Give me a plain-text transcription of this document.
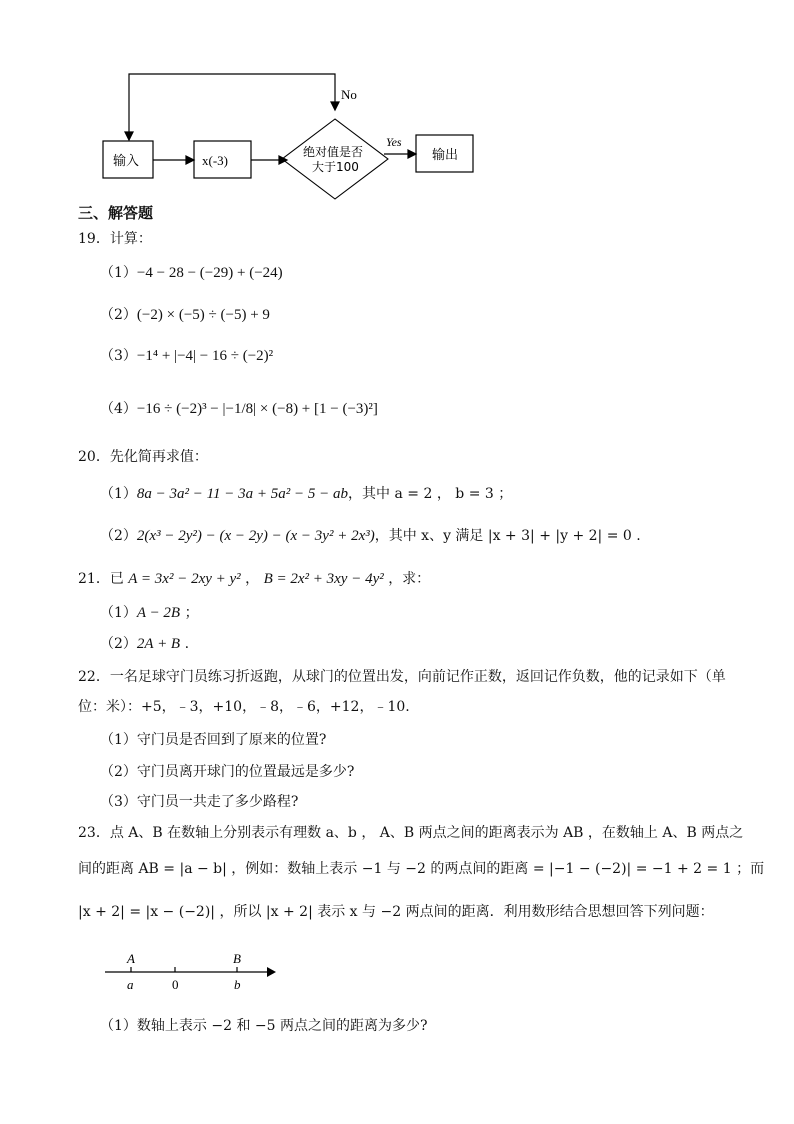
输入	x(-3)
绝对值是否
大于100
Yes
No
输出
三、解答题
19．计算：
（1）−4 − 28 − (−29) + (−24)
（2）(−2) × (−5) ÷ (−5) + 9
（3）−1⁴ + |−4| − 16 ÷ (−2)²
（4）−16 ÷ (−2)³ − |−1/8| × (−8) + [1 − (−3)²]
20．先化简再求值：
（1）8a − 3a² − 11 − 3a + 5a² − 5 − ab，其中 a = 2 ， b = 3 ；
（2）2(x³ − 2y²) − (x − 2y) − (x − 3y² + 2x³)，其中 x、y 满足 |x + 3| + |y + 2| = 0 .
21．已 A = 3x² − 2xy + y² ， B = 2x² + 3xy − 4y² ，求：
（1）A − 2B ；
（2）2A + B .
22．一名足球守门员练习折返跑，从球门的位置出发，向前记作正数，返回记作负数，他的记录如下（单
位：米）：+5，﹣3，+10，﹣8，﹣6，+12，﹣10.
（1）守门员是否回到了原来的位置?
（2）守门员离开球门的位置最远是多少?
（3）守门员一共走了多少路程?
23．点 A、B 在数轴上分别表示有理数 a、b ， A、B 两点之间的距离表示为 AB ，在数轴上 A、B 两点之
间的距离 AB = |a − b| ，例如：数轴上表示 −1 与 −2 的两点间的距离 = |−1 − (−2)| = −1 + 2 = 1 ；而
|x + 2| = |x − (−2)| ，所以 |x + 2| 表示 x 与 −2 两点间的距离．利用数形结合思想回答下列问题：
A	B
a	0	b
（1）数轴上表示 −2 和 −5 两点之间的距离为多少?
